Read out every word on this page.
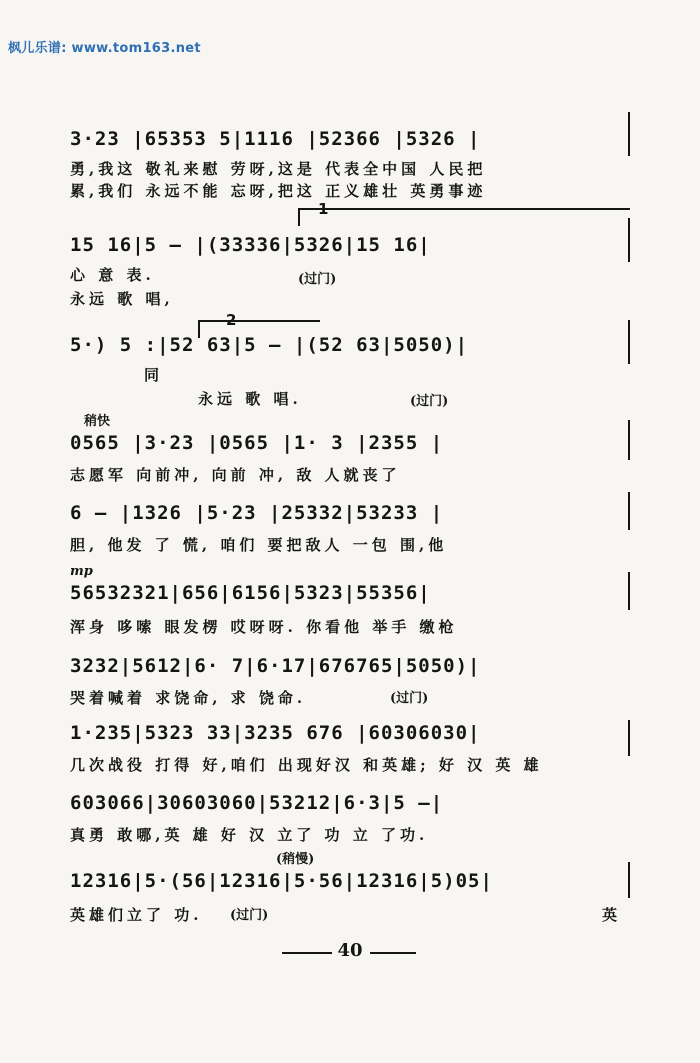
枫儿乐谱: www.tom163.net
3·23 |65353 5|1116 |52366 |5326 |
勇,我这 敬礼来慰 劳呀,这是 代表全中国 人民把
累,我们 永远不能 忘呀,把这 正义雄壮 英勇事迹
1
15 16|5 — |(33336|5326|15 16|
(过门)
心 意 表.
永远 歌 唱,
2
5·) 5 :|52 63|5 — |(52 63|5050)|
同
永远 歌 唱.	(过门)
稍快
0565 |3·23 |0565 |1· 3 |2355 |
志愿军 向前冲, 向前 冲, 敌 人就丧了
6 — |1326 |5·23 |25332|53233 |
胆, 他发 了 慌, 咱们 要把敌人 一包 围,他
mp
56532321|656|6156|5323|55356|
浑身 哆嗦 眼发楞 哎呀呀. 你看他 举手 缴枪
3232|5612|6· 7|6·17|676765|5050)|
哭着喊着 求饶命, 求 饶命.	(过门)
1·235|5323 33|3235 676 |60306030|
几次战役 打得 好,咱们 出现好汉 和英雄; 好 汉 英 雄
603066|30603060|53212|6·3|5 —|
真勇 敢哪,英 雄 好 汉 立了 功 立 了功.
(稍慢)
12316|5·(56|12316|5·56|12316|5)05|
英雄们立了 功.	(过门)	英
40
